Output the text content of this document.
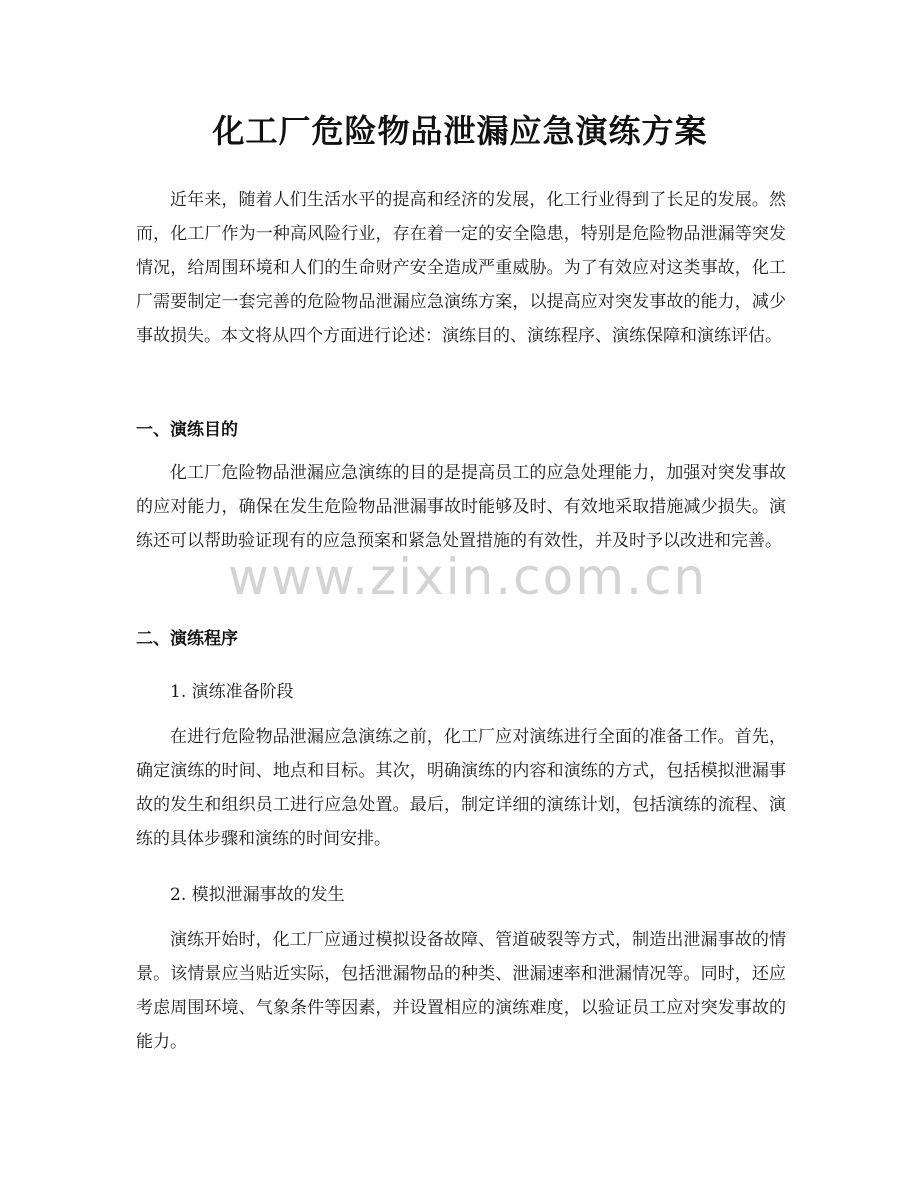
化工厂危险物品泄漏应急演练方案

近年来，随着人们生活水平的提高和经济的发展，化工行业得到了长足的发展。然而，化工厂作为一种高风险行业，存在着一定的安全隐患，特别是危险物品泄漏等突发情况，给周围环境和人们的生命财产安全造成严重威胁。为了有效应对这类事故，化工厂需要制定一套完善的危险物品泄漏应急演练方案，以提高应对突发事故的能力，减少事故损失。本文将从四个方面进行论述：演练目的、演练程序、演练保障和演练评估。

一、演练目的

化工厂危险物品泄漏应急演练的目的是提高员工的应急处理能力，加强对突发事故的应对能力，确保在发生危险物品泄漏事故时能够及时、有效地采取措施减少损失。演练还可以帮助验证现有的应急预案和紧急处置措施的有效性，并及时予以改进和完善。

二、演练程序

1. 演练准备阶段

在进行危险物品泄漏应急演练之前，化工厂应对演练进行全面的准备工作。首先，确定演练的时间、地点和目标。其次，明确演练的内容和演练的方式，包括模拟泄漏事故的发生和组织员工进行应急处置。最后，制定详细的演练计划，包括演练的流程、演练的具体步骤和演练的时间安排。

2. 模拟泄漏事故的发生

演练开始时，化工厂应通过模拟设备故障、管道破裂等方式，制造出泄漏事故的情景。该情景应当贴近实际，包括泄漏物品的种类、泄漏速率和泄漏情况等。同时，还应考虑周围环境、气象条件等因素，并设置相应的演练难度，以验证员工应对突发事故的能力。

www.zixin.com.cn
